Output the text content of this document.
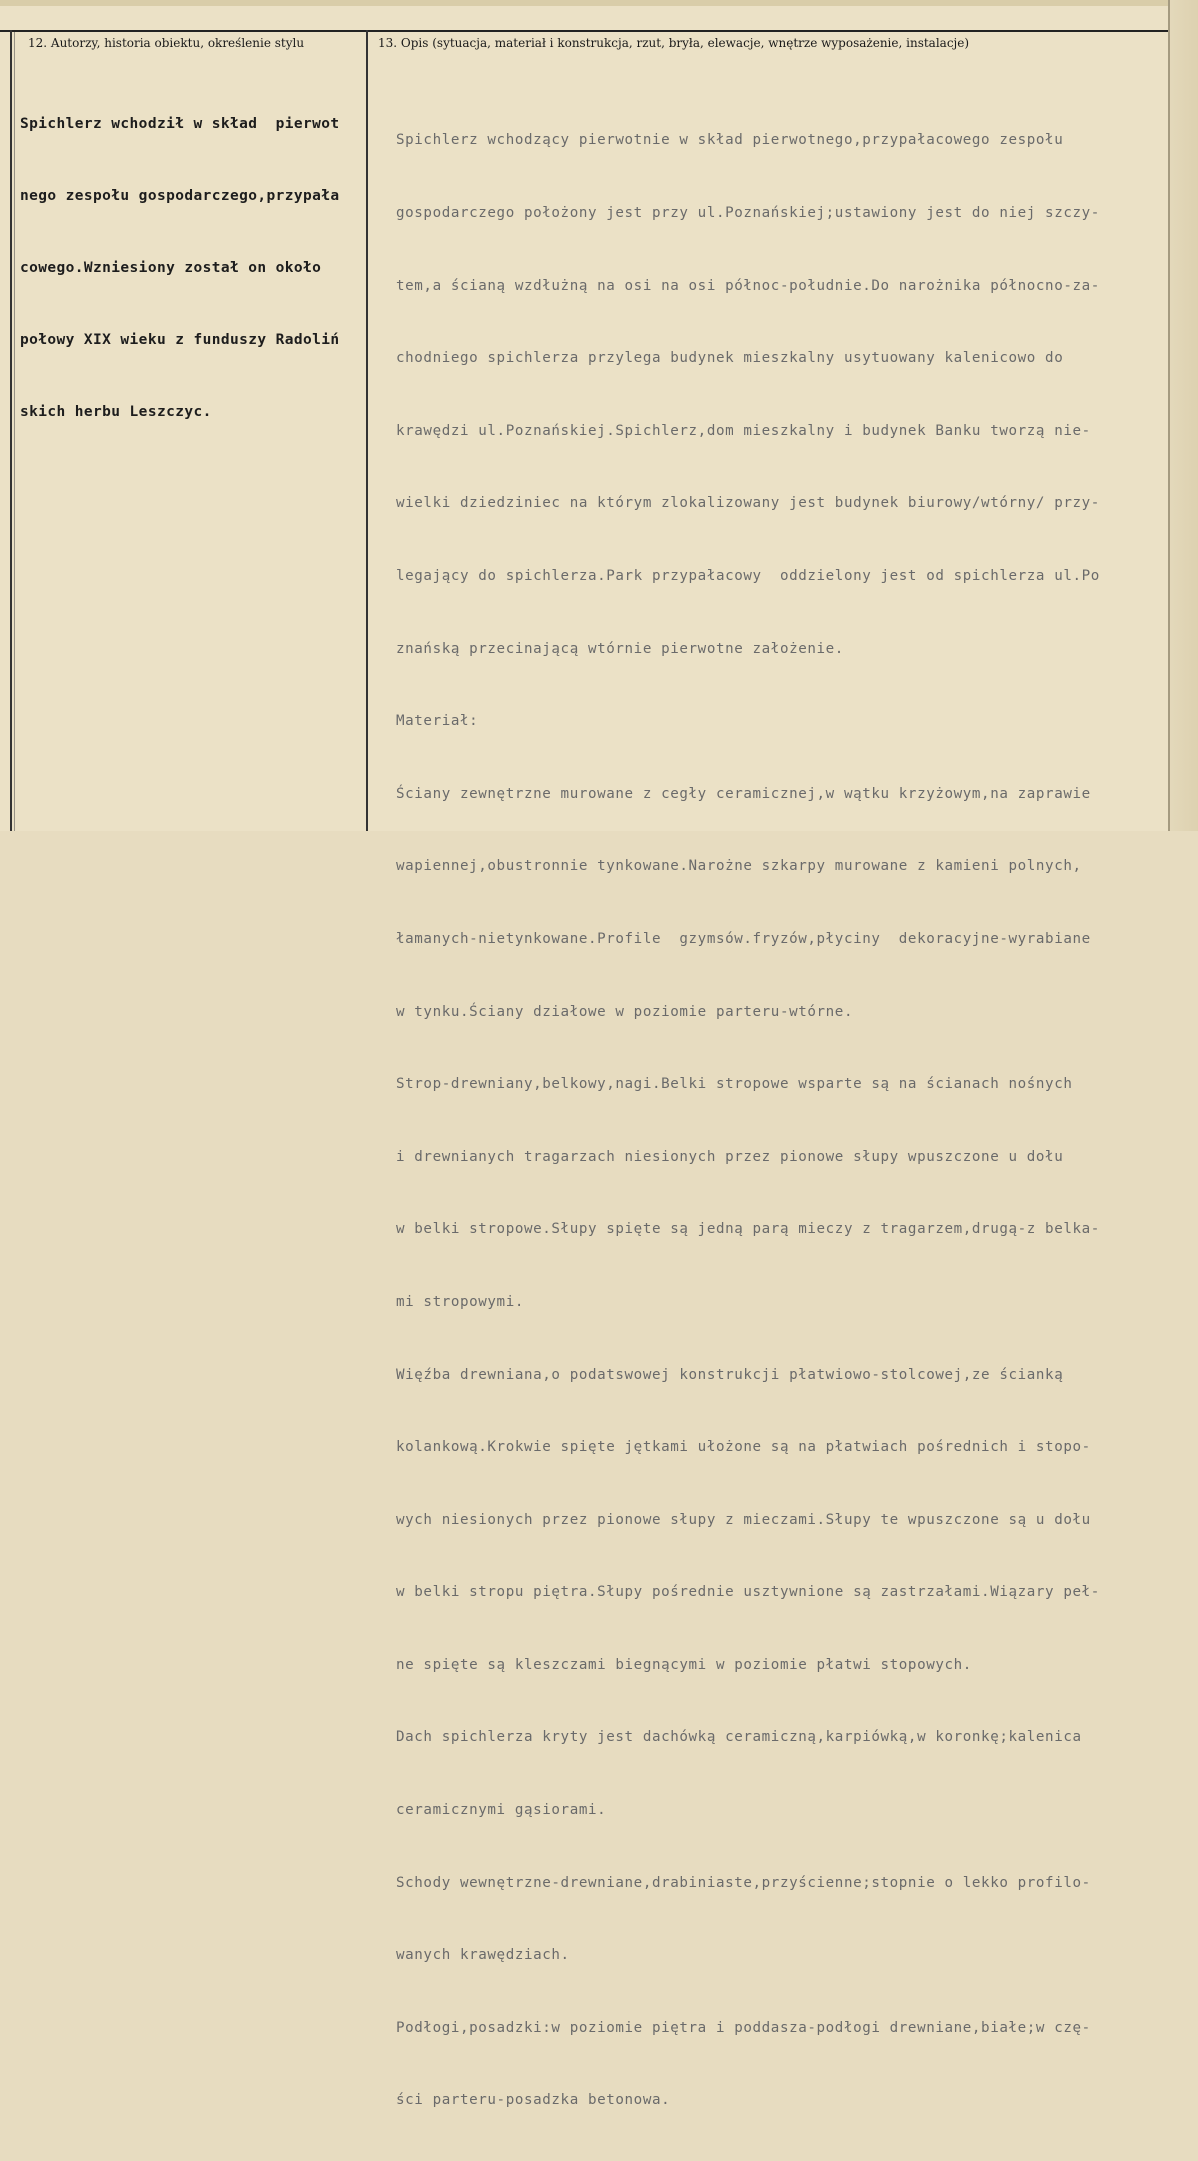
12. Autorzy, historia obiektu, określenie stylu	13. Opis (sytuacja, materiał i konstrukcja, rzut, bryła, elewacje, wnętrze wyposażenie, instalacje)

Spichlerz wchodził w skład  pierwot

nego zespołu gospodarczego,przypała

cowego.Wzniesiony został on około

połowy XIX wieku z funduszy Radoliń

skich herbu Leszczyc.

Spichlerz wchodzący pierwotnie w skład pierwotnego,przypałacowego zespołu

gospodarczego położony jest przy ul.Poznańskiej;ustawiony jest do niej szczy-

tem,a ścianą wzdłużną na osi na osi północ-południe.Do narożnika północno-za-

chodniego spichlerza przylega budynek mieszkalny usytuowany kalenicowo do

krawędzi ul.Poznańskiej.Spichlerz,dom mieszkalny i budynek Banku tworzą nie-

wielki dziedziniec na którym zlokalizowany jest budynek biurowy/wtórny/ przy-

legający do spichlerza.Park przypałacowy  oddzielony jest od spichlerza ul.Po

znańską przecinającą wtórnie pierwotne założenie.

Materiał:

Ściany zewnętrzne murowane z cegły ceramicznej,w wątku krzyżowym,na zaprawie

wapiennej,obustronnie tynkowane.Narożne szkarpy murowane z kamieni polnych,

łamanych-nietynkowane.Profile  gzymsów.fryzów,płyciny  dekoracyjne-wyrabiane

w tynku.Ściany działowe w poziomie parteru-wtórne.

Strop-drewniany,belkowy,nagi.Belki stropowe wsparte są na ścianach nośnych

i drewnianych tragarzach niesionych przez pionowe słupy wpuszczone u dołu

w belki stropowe.Słupy spięte są jedną parą mieczy z tragarzem,drugą-z belka-

mi stropowymi.

Więźba drewniana,o podatswowej konstrukcji płatwiowo-stolcowej,ze ścianką

kolankową.Krokwie spięte jętkami ułożone są na płatwiach pośrednich i stopo-

wych niesionych przez pionowe słupy z mieczami.Słupy te wpuszczone są u dołu

w belki stropu piętra.Słupy pośrednie usztywnione są zastrzałami.Wiązary peł-

ne spięte są kleszczami biegnącymi w poziomie płatwi stopowych.

Dach spichlerza kryty jest dachówką ceramiczną,karpiówką,w koronkę;kalenica

ceramicznymi gąsiorami.

Schody wewnętrzne-drewniane,drabiniaste,przyścienne;stopnie o lekko profilo-

wanych krawędziach.

Podłogi,posadzki:w poziomie piętra i poddasza-podłogi drewniane,białe;w czę-

ści parteru-posadzka betonowa.
